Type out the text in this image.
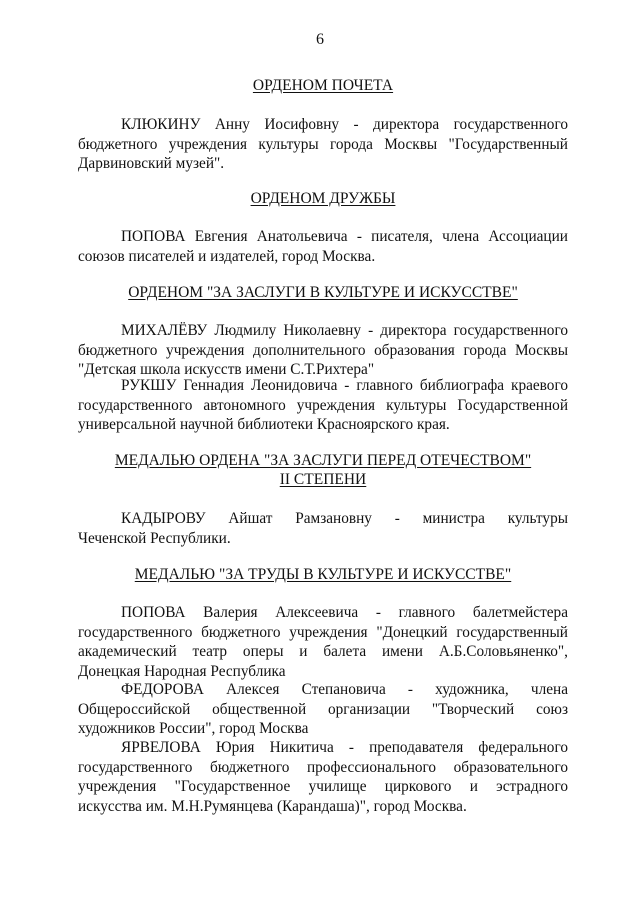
6
ОРДЕНОМ ПОЧЕТА
КЛЮКИНУ Анну Иосифовну - директора государственного
бюджетного учреждения культуры города Москвы "Государственный
Дарвиновский музей".
ОРДЕНОМ ДРУЖБЫ
ПОПОВА Евгения Анатольевича - писателя, члена Ассоциации
союзов писателей и издателей, город Москва.
ОРДЕНОМ "ЗА ЗАСЛУГИ В КУЛЬТУРЕ И ИСКУССТВЕ"
МИХАЛЁВУ Людмилу Николаевну - директора государственного
бюджетного учреждения дополнительного образования города Москвы
"Детская школа искусств имени С.Т.Рихтера"
РУКШУ Геннадия Леонидовича - главного библиографа краевого
государственного автономного учреждения культуры Государственной
универсальной научной библиотеки Красноярского края.
МЕДАЛЬЮ ОРДЕНА "ЗА ЗАСЛУГИ ПЕРЕД ОТЕЧЕСТВОМ"
II СТЕПЕНИ
КАДЫРОВУ Айшат Рамзановну - министра культуры
Чеченской Республики.
МЕДАЛЬЮ "ЗА ТРУДЫ В КУЛЬТУРЕ И ИСКУССТВЕ"
ПОПОВА Валерия Алексеевича - главного балетмейстера
государственного бюджетного учреждения "Донецкий государственный
академический театр оперы и балета имени А.Б.Соловьяненко",
Донецкая Народная Республика
ФЕДОРОВА Алексея Степановича - художника, члена
Общероссийской общественной организации "Творческий союз
художников России", город Москва
ЯРВЕЛОВА Юрия Никитича - преподавателя федерального
государственного бюджетного профессионального образовательного
учреждения "Государственное училище циркового и эстрадного
искусства им. М.Н.Румянцева (Карандаша)", город Москва.
